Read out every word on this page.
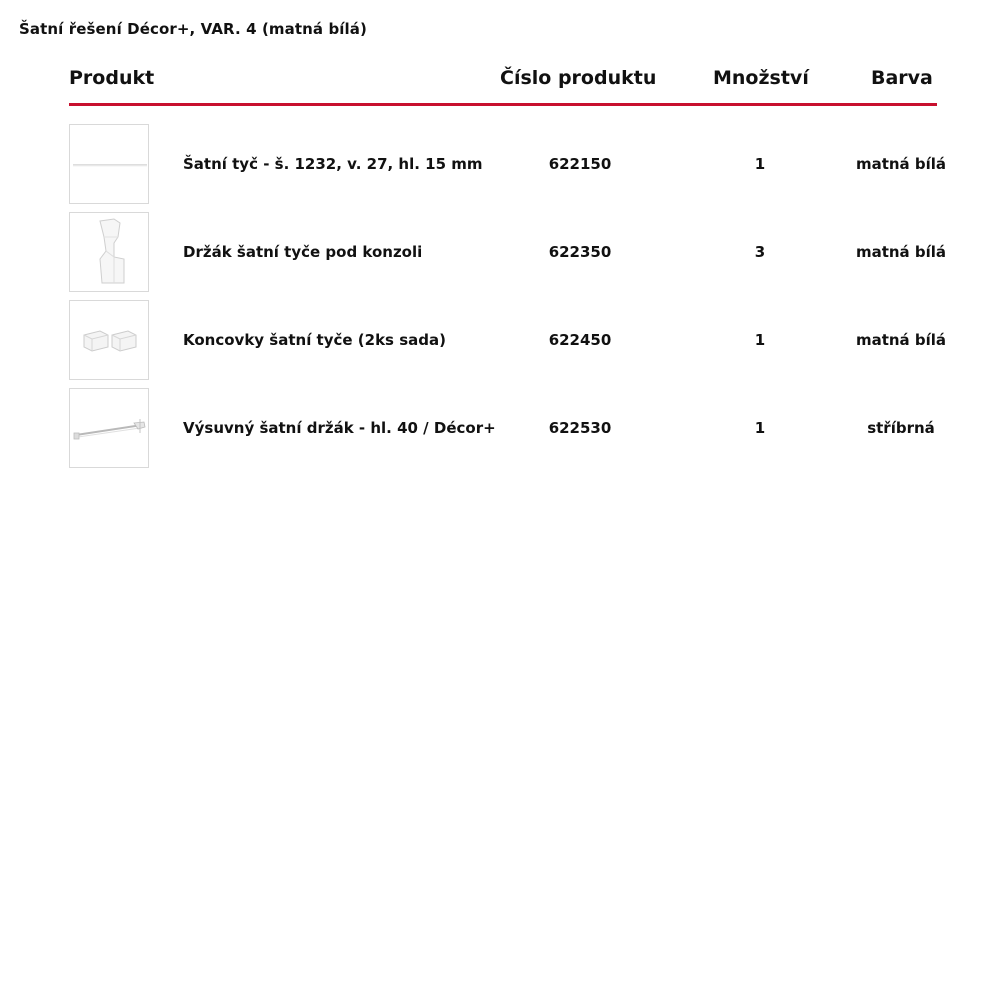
Šatní řešení Décor+, VAR. 4 (matná bílá)
Produkt	Číslo produktu	Množství	Barva
Šatní tyč - š. 1232, v. 27, hl. 15 mm	622150	1	matná bílá
Držák šatní tyče pod konzoli	622350	3	matná bílá
Koncovky šatní tyče (2ks sada)	622450	1	matná bílá
Výsuvný šatní držák - hl. 40 / Décor+	622530	1	stříbrná
